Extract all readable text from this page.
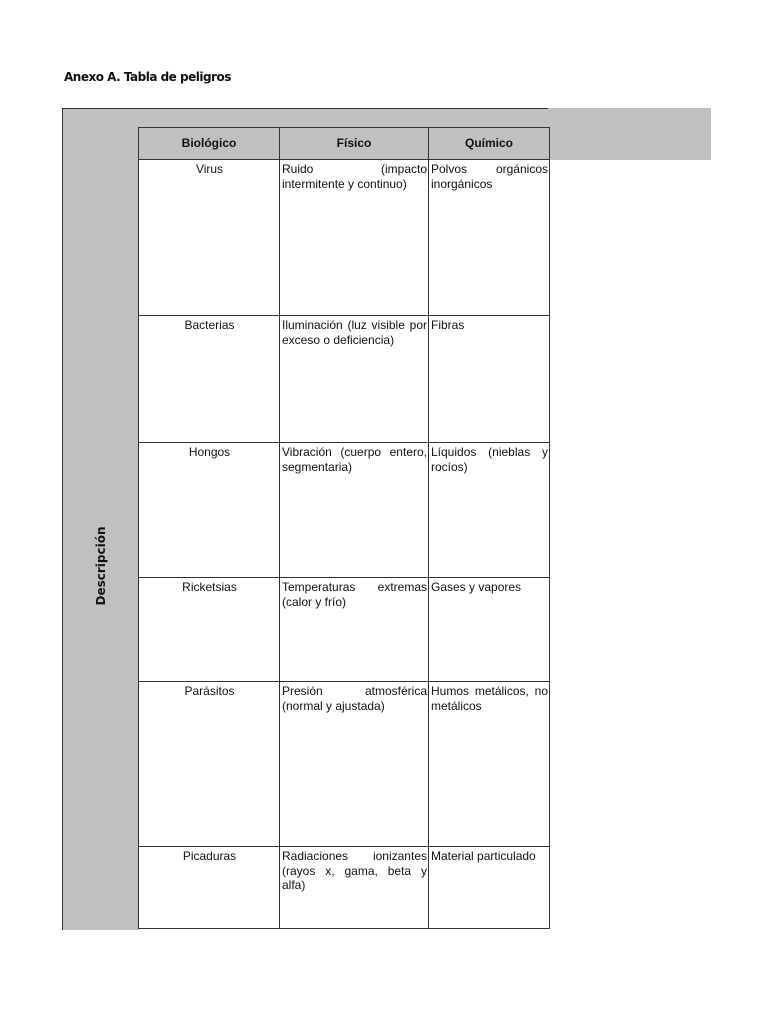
Anexo A. Tabla de peligros
Descripción
Biológico	Físico	Químico
Virus	Ruido (impacto intermitente y continuo)	Polvos orgánicos inorgánicos
Bacterias	Iluminación (luz visible por exceso o deficiencia)	Fibras
Hongos	Vibración (cuerpo entero, segmentaria)	Líquidos (nieblas y rocíos)
Ricketsias	Temperaturas extremas (calor y frío)	Gases y vapores
Parásitos	Presión atmosférica (normal y ajustada)	Humos metálicos, no metálicos
Picaduras	Radiaciones ionizantes (rayos x, gama, beta y alfa)	Material particulado
